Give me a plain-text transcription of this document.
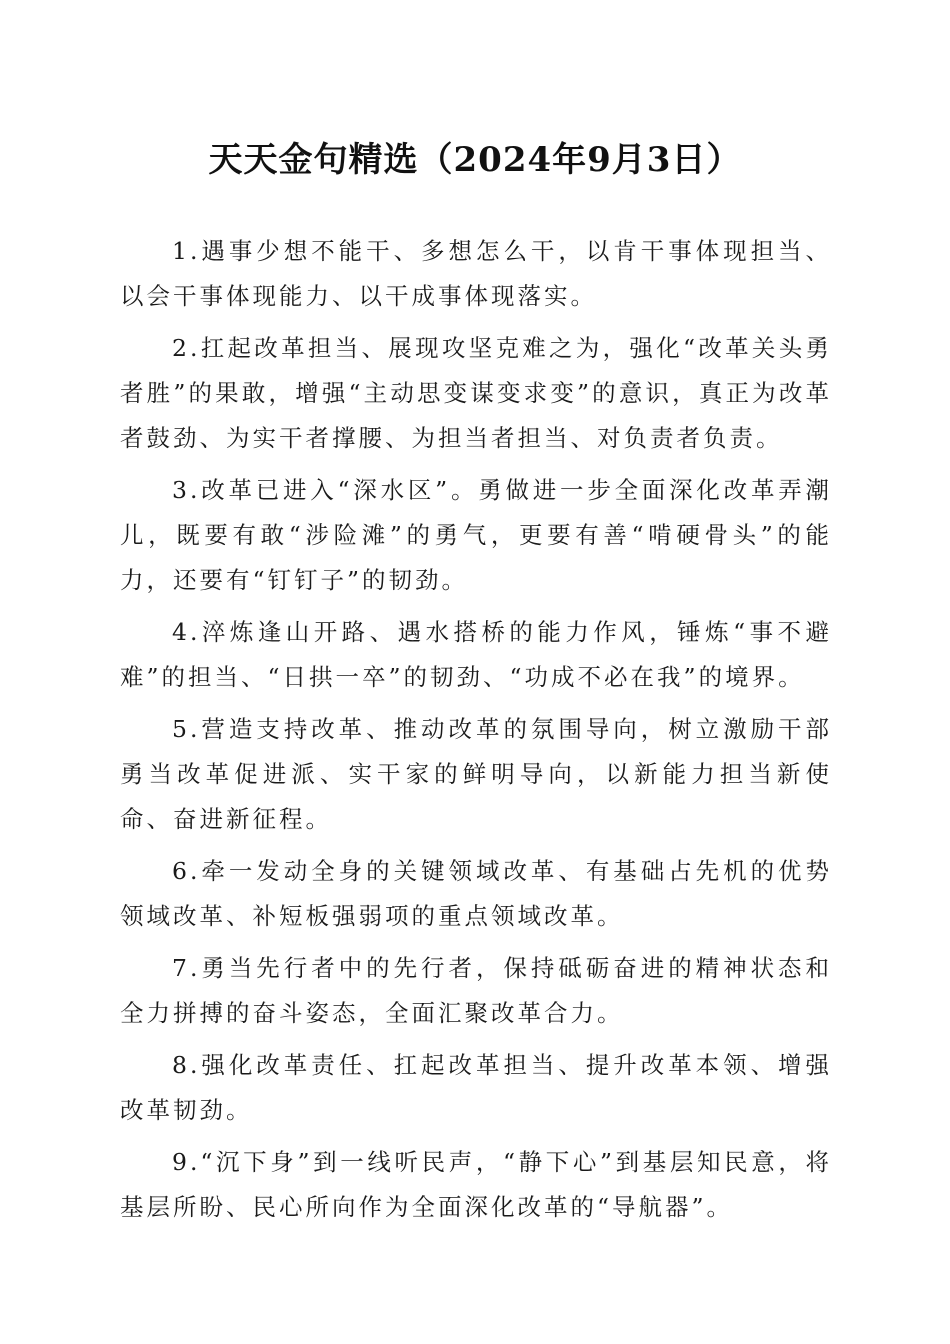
天天金句精选（2024年9月3日）

1.遇事少想不能干、多想怎么干，以肯干事体现担当、以会干事体现能力、以干成事体现落实。

2.扛起改革担当、展现攻坚克难之为，强化“改革关头勇者胜”的果敢，增强“主动思变谋变求变”的意识，真正为改革者鼓劲、为实干者撑腰、为担当者担当、对负责者负责。

3.改革已进入“深水区”。勇做进一步全面深化改革弄潮儿，既要有敢“涉险滩”的勇气，更要有善“啃硬骨头”的能力，还要有“钉钉子”的韧劲。

4.淬炼逢山开路、遇水搭桥的能力作风，锤炼“事不避难”的担当、“日拱一卒”的韧劲、“功成不必在我”的境界。

5.营造支持改革、推动改革的氛围导向，树立激励干部勇当改革促进派、实干家的鲜明导向，以新能力担当新使命、奋进新征程。

6.牵一发动全身的关键领域改革、有基础占先机的优势领域改革、补短板强弱项的重点领域改革。

7.勇当先行者中的先行者，保持砥砺奋进的精神状态和全力拼搏的奋斗姿态，全面汇聚改革合力。

8.强化改革责任、扛起改革担当、提升改革本领、增强改革韧劲。

9.“沉下身”到一线听民声，“静下心”到基层知民意，将基层所盼、民心所向作为全面深化改革的“导航器”。
